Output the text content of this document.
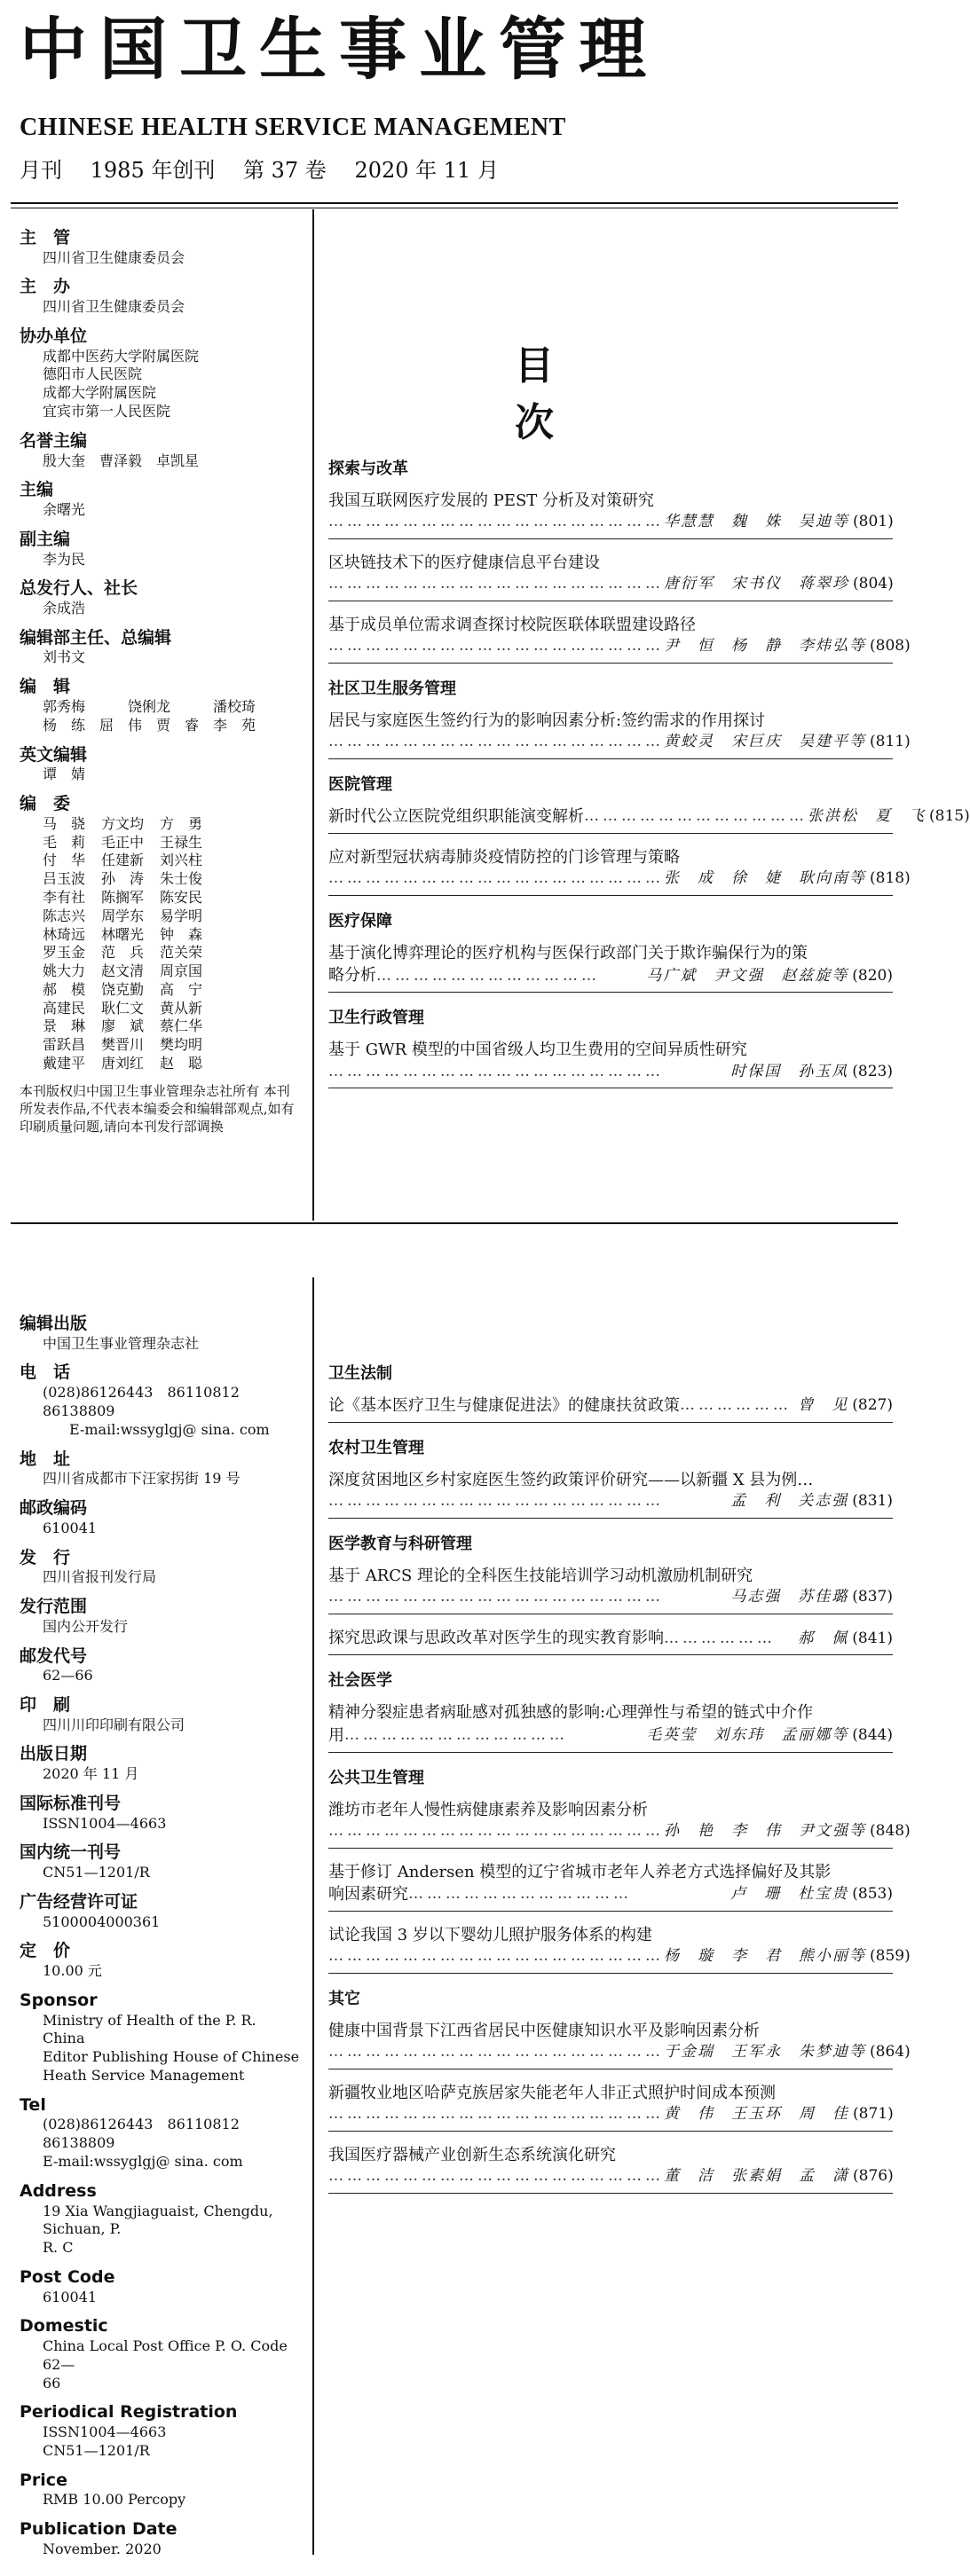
中国卫生事业管理
CHINESE HEALTH SERVICE MANAGEMENT
月刊 1985 年创刊 第 37 卷 2020 年 11 月
主　管
四川省卫生健康委员会
主　办
四川省卫生健康委员会
协办单位
成都中医药大学附属医院
德阳市人民医院
成都大学附属医院
宜宾市第一人民医院
名誉主编
殷大奎　曹泽毅　卓凯星
主编
余曙光
副主编
李为民
总发行人、社长
余成浩
编辑部主任、总编辑
刘书文
编　辑
郭秀梅　　　饶俐龙　　　潘校琦
杨　练　屈　伟　贾　睿　李　苑
英文编辑
谭　婧
编　委
马　骁	方文均	方　勇
毛　莉	毛正中	王禄生
付　华	任建新	刘兴柱
吕玉波	孙　涛	朱士俊
李有社	陈搁军	陈安民
陈志兴	周学东	易学明
林琦远	林曙光	钟　森
罗玉金	范　兵	范关荣
姚大力	赵文清	周京国
郝　模	饶克勤	高　宁
高建民	耿仁文	黄从新
景　琳	廖　斌	蔡仁华
雷跃昌	樊晋川	樊均明
戴建平	唐刘红	赵　聪
本刊版权归中国卫生事业管理杂志社所有 本刊所发表作品,不代表本编委会和编辑部观点,如有印刷质量问题,请向本刊发行部调换
编辑出版
中国卫生事业管理杂志社
电　话
(028)86126443　86110812　86138809
E-mail:wssyglgj@ sina. com
地　址
四川省成都市下汪家拐街 19 号
邮政编码
610041
发　行
四川省报刊发行局
发行范围
国内公开发行
邮发代号
62—66
印　刷
四川川印印刷有限公司
出版日期
2020 年 11 月
国际标准刊号
ISSN1004—4663
国内统一刊号
CN51—1201/R
广告经营许可证
5100004000361
定　价
10.00 元
Sponsor
Ministry of Health of the P. R. China
Editor Publishing House of Chinese
Heath Service Management
Tel
(028)86126443　86110812　86138809
E-mail:wssyglgj@ sina. com
Address
19 Xia Wangjiaguaist, Chengdu, Sichuan, P.
R. C
Post Code
610041
Domestic
China Local Post Office P. O. Code 62—
66
Periodical Registration
ISSN1004—4663
CN51—1201/R
Price
RMB 10.00 Percopy
Publication Date
November. 2020
目　次
探索与改革
我国互联网医疗发展的 PEST 分析及对策研究
……………………………………………… 华慧慧　魏　姝　吴迪等 (801)
区块链技术下的医疗健康信息平台建设
……………………………………………… 唐衍军　宋书仪　蒋翠珍 (804)
基于成员单位需求调查探讨校院医联体联盟建设路径
……………………………………………… 尹　恒　杨　静　李炜弘等 (808)
社区卫生服务管理
居民与家庭医生签约行为的影响因素分析:签约需求的作用探讨
……………………………………………… 黄蛟灵　宋巨庆　吴建平等 (811)
医院管理
新时代公立医院党组织职能演变解析 ……………………………… 张洪松　夏　飞 (815)
应对新型冠状病毒肺炎疫情防控的门诊管理与策略
……………………………………………… 张　成　徐　婕　耿向南等 (818)
医疗保障
基于演化博弈理论的医疗机构与医保行政部门关于欺诈骗保行为的策
略分析 ………………………………	马广斌　尹文强　赵兹旋等 (820)
卫生行政管理
基于 GWR 模型的中国省级人均卫生费用的空间异质性研究
………………………………………………	时保国　孙玉凤 (823)
卫生法制
论《基本医疗卫生与健康促进法》的健康扶贫政策 ……………… 曾　见 (827)
农村卫生管理
深度贫困地区乡村家庭医生签约政策评价研究——以新疆 X 县为例…
………………………………………………	孟　利　关志强 (831)
医学教育与科研管理
基于 ARCS 理论的全科医生技能培训学习动机激励机制研究
………………………………………………	马志强　苏佳璐 (837)
探究思政课与思政改革对医学生的现实教育影响 ………………	郝　佩 (841)
社会医学
精神分裂症患者病耻感对孤独感的影响:心理弹性与希望的链式中介作
用 ………………………………	毛英莹　刘东玮　孟丽娜等 (844)
公共卫生管理
潍坊市老年人慢性病健康素养及影响因素分析
……………………………………………… 孙　艳　李　伟　尹文强等 (848)
基于修订 Andersen 模型的辽宁省城市老年人养老方式选择偏好及其影
响因素研究 ………………………………	卢　珊　杜宝贵 (853)
试论我国 3 岁以下婴幼儿照护服务体系的构建
……………………………………………… 杨　璇　李　君　熊小丽等 (859)
其它
健康中国背景下江西省居民中医健康知识水平及影响因素分析
……………………………………………… 于金瑞　王军永　朱梦迪等 (864)
新疆牧业地区哈萨克族居家失能老年人非正式照护时间成本预测
……………………………………………… 黄　伟　王玉环　周　佳 (871)
我国医疗器械产业创新生态系统演化研究
……………………………………………… 董　洁　张素娟　孟　潇 (876)
